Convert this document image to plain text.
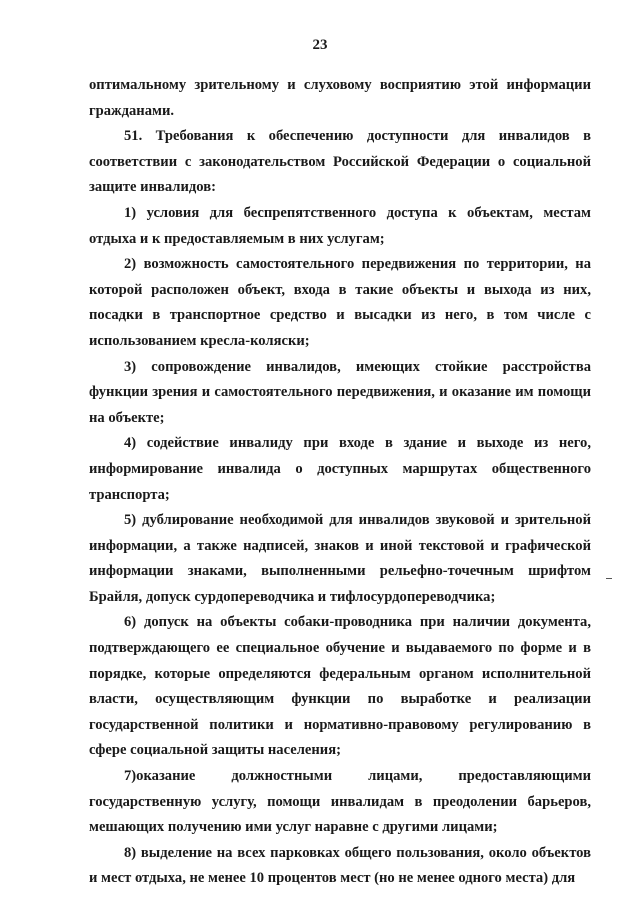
23

оптимальному зрительному и слуховому восприятию этой информации гражданами.

51. Требования к обеспечению доступности для инвалидов в соответствии с законодательством Российской Федерации о социальной защите инвалидов:

1) условия для беспрепятственного доступа к объектам, местам отдыха и к предоставляемым в них услугам;

2) возможность самостоятельного передвижения по территории, на которой расположен объект, входа в такие объекты и выхода из них, посадки в транспортное средство и высадки из него, в том числе с использованием кресла-коляски;

3) сопровождение инвалидов, имеющих стойкие расстройства функции зрения и самостоятельного передвижения, и оказание им помощи на объекте;

4) содействие инвалиду при входе в здание и выходе из него, информирование инвалида о доступных маршрутах общественного транспорта;

5) дублирование необходимой для инвалидов звуковой и зрительной информации, а также надписей, знаков и иной текстовой и графической информации знаками, выполненными рельефно-точечным шрифтом Брайля, допуск сурдопереводчика и тифлосурдопереводчика;

6) допуск на объекты собаки-проводника при наличии документа, подтверждающего ее специальное обучение и выдаваемого по форме и в порядке, которые определяются федеральным органом исполнительной власти, осуществляющим функции по выработке и реализации государственной политики и нормативно-правовому регулированию в сфере социальной защиты населения;

7)оказание должностными лицами, предоставляющими государственную услугу, помощи инвалидам в преодолении барьеров, мешающих получению ими услуг наравне с другими лицами;

8) выделение на всех парковках общего пользования, около объектов и мест отдыха, не менее 10 процентов мест (но не менее одного места) для
